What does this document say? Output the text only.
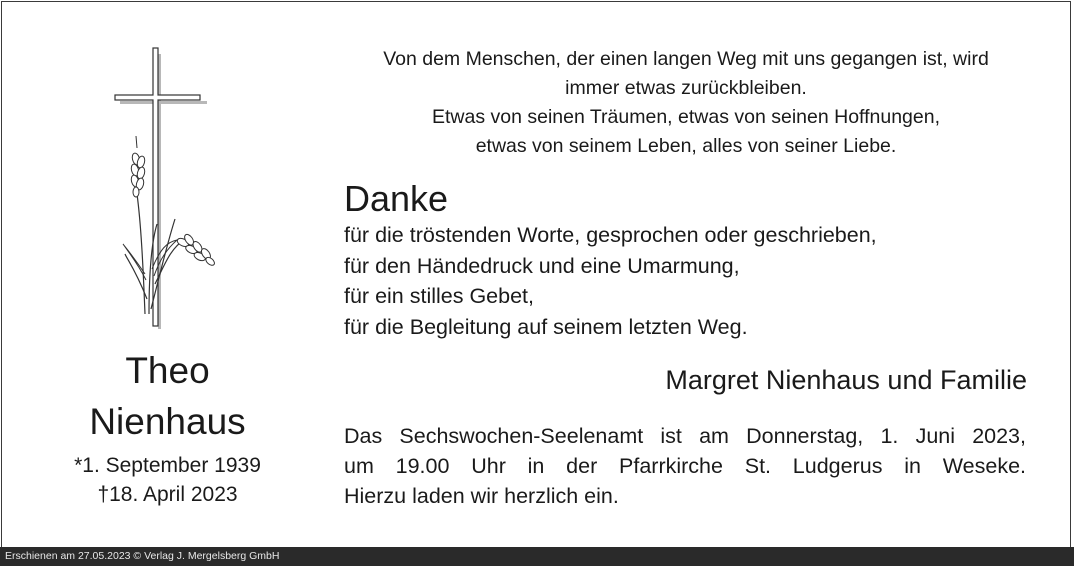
Theo
Nienhaus
*1. September 1939
†18. April 2023
Von dem Menschen, der einen langen Weg mit uns gegangen ist, wird
immer etwas zurückbleiben.
Etwas von seinen Träumen, etwas von seinen Hoffnungen,
etwas von seinem Leben, alles von seiner Liebe.
Danke
für die tröstenden Worte, gesprochen oder geschrieben,
für den Händedruck und eine Umarmung,
für ein stilles Gebet,
für die Begleitung auf seinem letzten Weg.
Margret Nienhaus und Familie
Das Sechswochen-Seelenamt ist am Donnerstag, 1. Juni 2023,
um 19.00 Uhr in der Pfarrkirche St. Ludgerus in Weseke.
Hierzu laden wir herzlich ein.
Erschienen am 27.05.2023 © Verlag J. Mergelsberg GmbH
